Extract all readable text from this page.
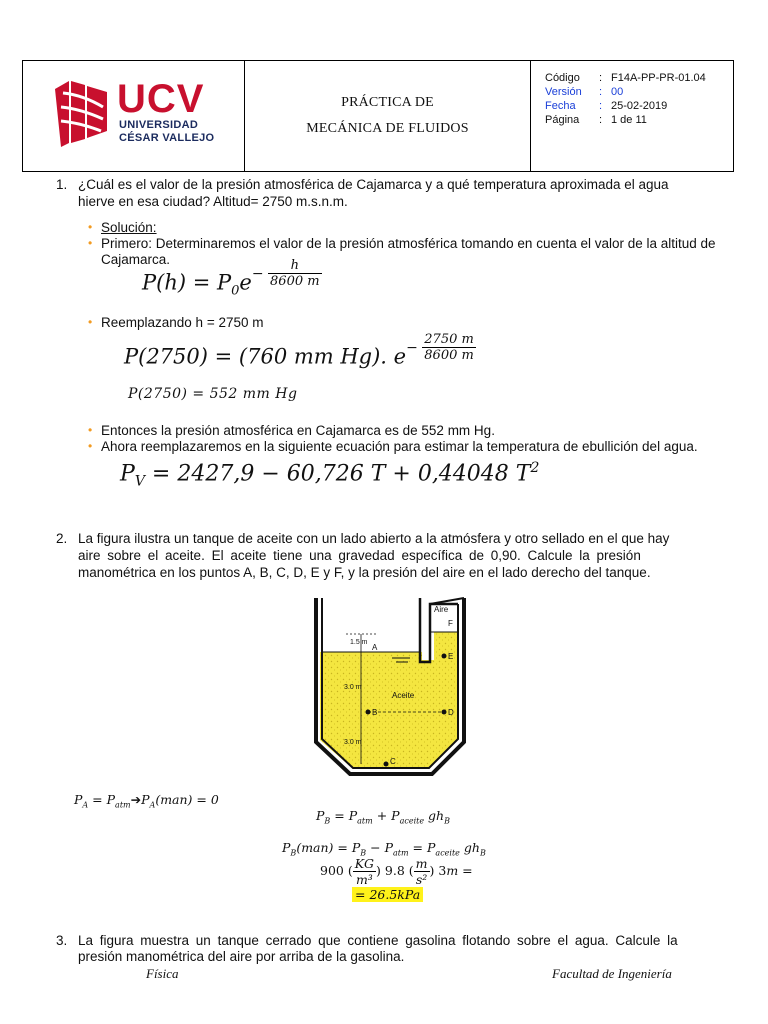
UCV
UNIVERSIDAD
CÉSAR VALLEJO
PRÁCTICA DE
MECÁNICA DE FLUIDOS
Código	: F14A-PP-PR-01.04
Versión	: 00
Fecha	: 25-02-2019
Página	: 1 de 11
1. ¿Cuál es el valor de la presión atmosférica de Cajamarca y a qué temperatura aproximada el agua
hierve en esa ciudad? Altitud= 2750 m.s.n.m.
• Solución:
• Primero: Determinaremos el valor de la presión atmosférica tomando en cuenta el valor de la altitud de
Cajamarca.
$P(h) = P_0e^{- \frac{h}{8600 m}}$
• Reemplazando h = 2750 m
P(2750) = (760 mm Hg). $e^{- \frac{2750 m}{8600 m}}$
P(2750) = 552 mm Hg
• Entonces la presión atmosférica en Cajamarca es de 552 mm Hg.
• Ahora reemplazaremos en la siguiente ecuación para estimar la temperatura de ebullición del agua.
$P_V = 2427,9 - 60,726$ T + 0,44048 $T^2$
2. La figura ilustra un tanque de aceite con un lado abierto a la atmósfera y otro sellado en el que hay
aire sobre el aceite. El aceite tiene una gravedad específica de 0,90. Calcule la presión
manométrica en los puntos A, B, C, D, E y F, y la presión del aire en el lado derecho del tanque.
Aire
F
1.5 m
3.0 m
3.0 m
A
E
Aceite
B	D
C
$P_A$ = $P_{atm}➔P_A(man) = 0$
$P_B = P_{atm} + P_{aceite}$ $gh_B$
$P_B(man) = P_B - P_{atm} = P_{aceite}$ $gh_B$
900 ( $\frac{KG}{\text{m³}}$ ) 9.8 ( $\frac{m}{\text{s²}}$ ) 3m =
= 26.5kPa
3. La figura muestra un tanque cerrado que contiene gasolina flotando sobre el agua. Calcule la
presión manométrica del aire por arriba de la gasolina.
Física	Facultad de Ingeniería
